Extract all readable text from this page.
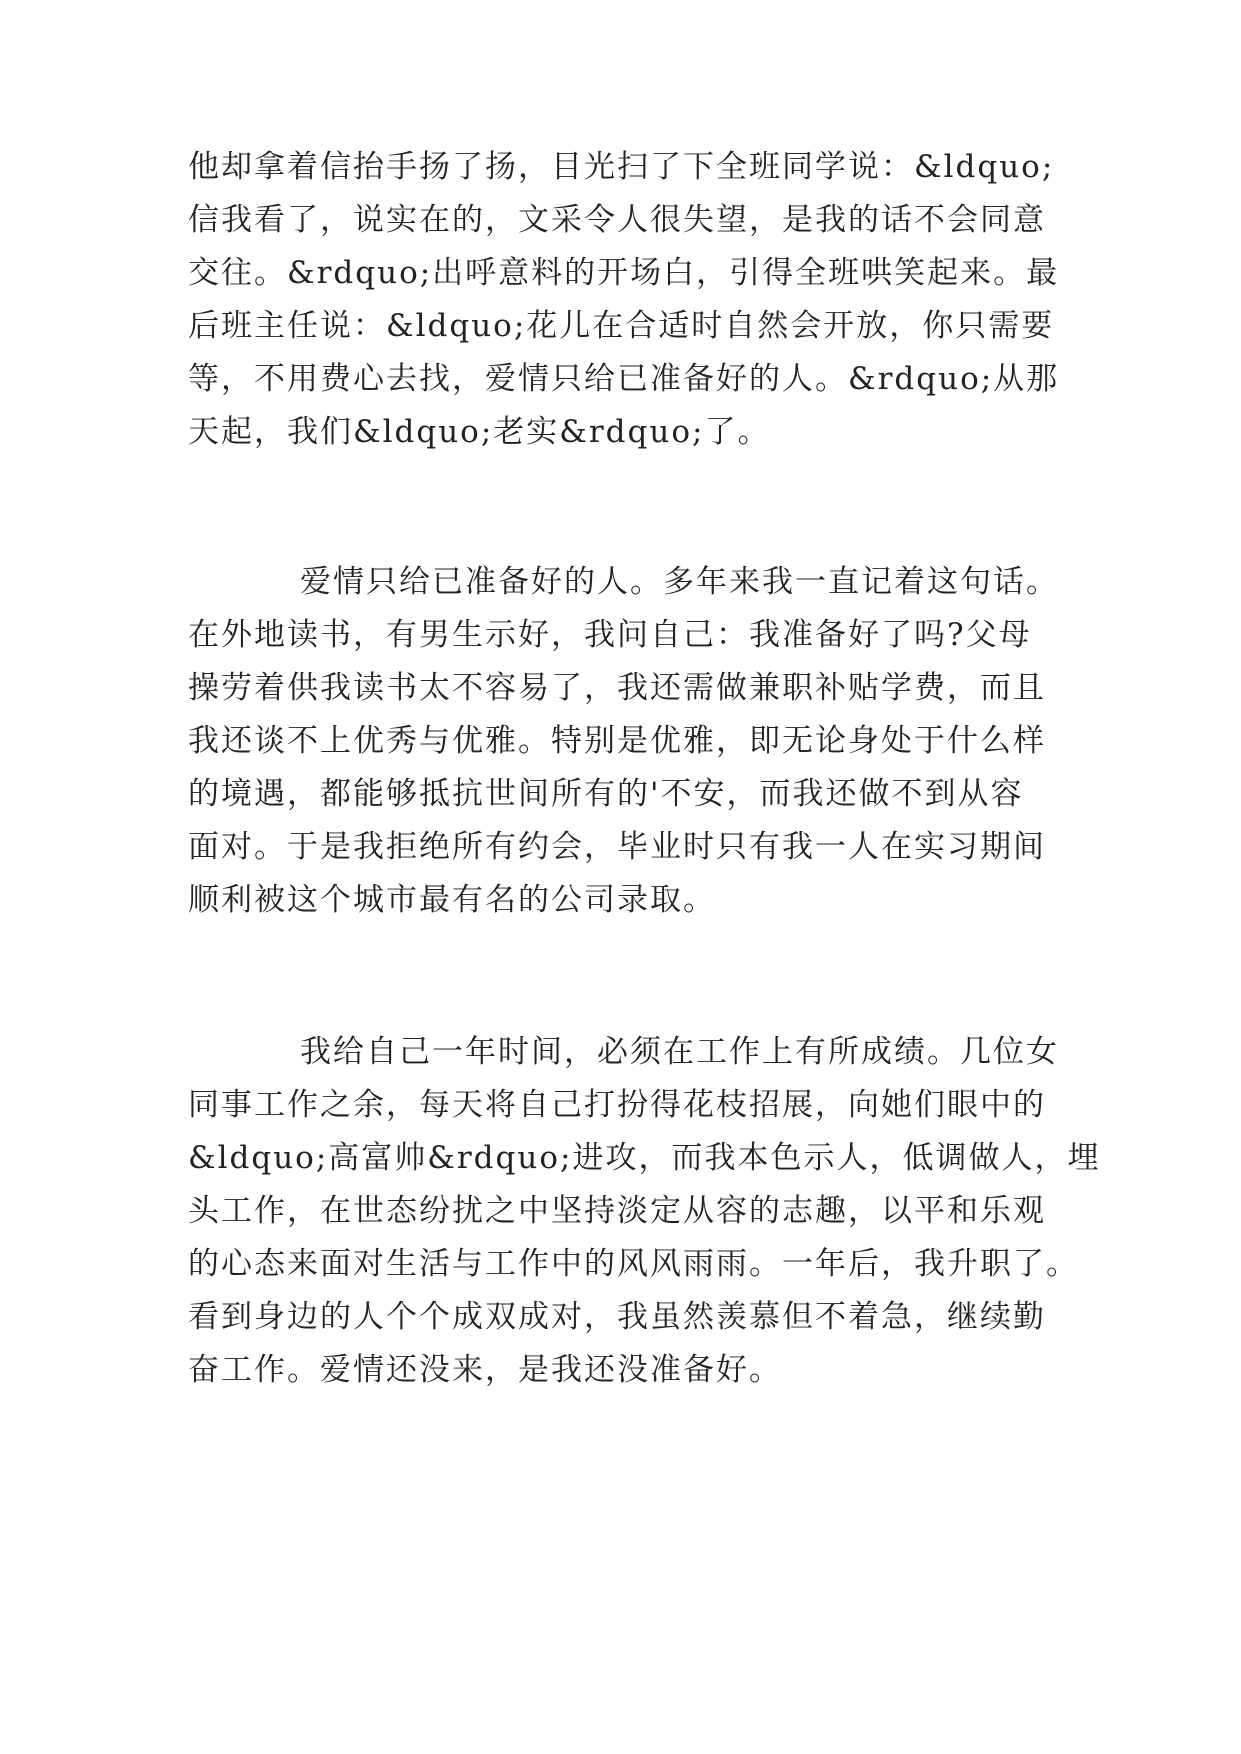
他却拿着信抬手扬了扬，目光扫了下全班同学说：&ldquo;
信我看了，说实在的，文采令人很失望，是我的话不会同意
交往。&rdquo;出呼意料的开场白，引得全班哄笑起来。最
后班主任说：&ldquo;花儿在合适时自然会开放，你只需要
等，不用费心去找，爱情只给已准备好的人。&rdquo;从那
天起，我们&ldquo;老实&rdquo;了。
爱情只给已准备好的人。多年来我一直记着这句话。
在外地读书，有男生示好，我问自己：我准备好了吗?父母
操劳着供我读书太不容易了，我还需做兼职补贴学费，而且
我还谈不上优秀与优雅。特别是优雅，即无论身处于什么样
的境遇，都能够抵抗世间所有的'不安，而我还做不到从容
面对。于是我拒绝所有约会，毕业时只有我一人在实习期间
顺利被这个城市最有名的公司录取。
我给自己一年时间，必须在工作上有所成绩。几位女
同事工作之余，每天将自己打扮得花枝招展，向她们眼中的
&ldquo;高富帅&rdquo;进攻，而我本色示人，低调做人，埋
头工作，在世态纷扰之中坚持淡定从容的志趣，以平和乐观
的心态来面对生活与工作中的风风雨雨。一年后，我升职了。
看到身边的人个个成双成对，我虽然羡慕但不着急，继续勤
奋工作。爱情还没来，是我还没准备好。
